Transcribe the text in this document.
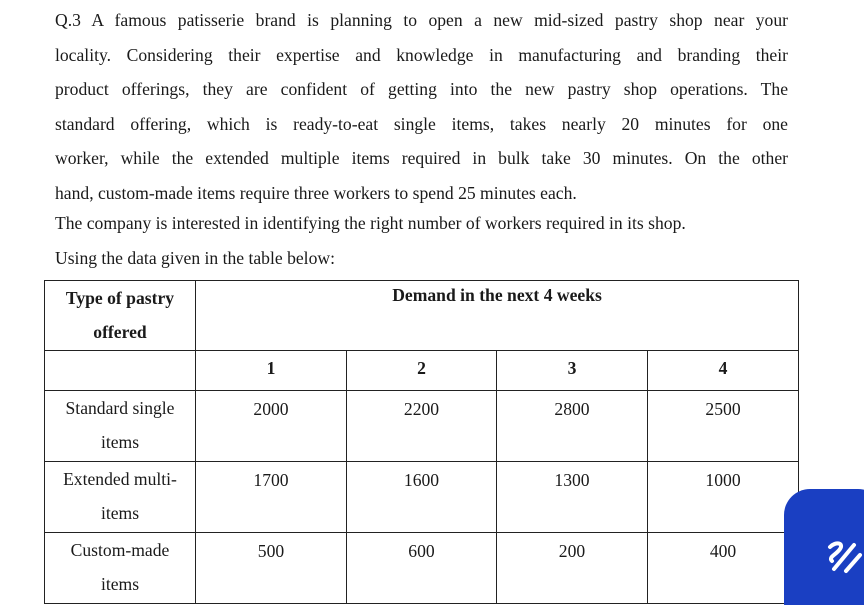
Q.3 A famous patisserie brand is planning to open a new mid-sized pastry shop near your
locality. Considering their expertise and knowledge in manufacturing and branding their
product offerings, they are confident of getting into the new pastry shop operations. The
standard offering, which is ready-to-eat single items, takes nearly 20 minutes for one
worker, while the extended multiple items required in bulk take 30 minutes. On the other
hand, custom-made items require three workers to spend 25 minutes each.

The company is interested in identifying the right number of workers required in its shop.

Using the data given in the table below:

Type of pastry
offered	Demand in the next 4 weeks			
	1	2	3	4

Standard single
items	2000	2200	2800	2500

Extended multi-
items	1700	1600	1300	1000

Custom-made
items	500	600	200	400
